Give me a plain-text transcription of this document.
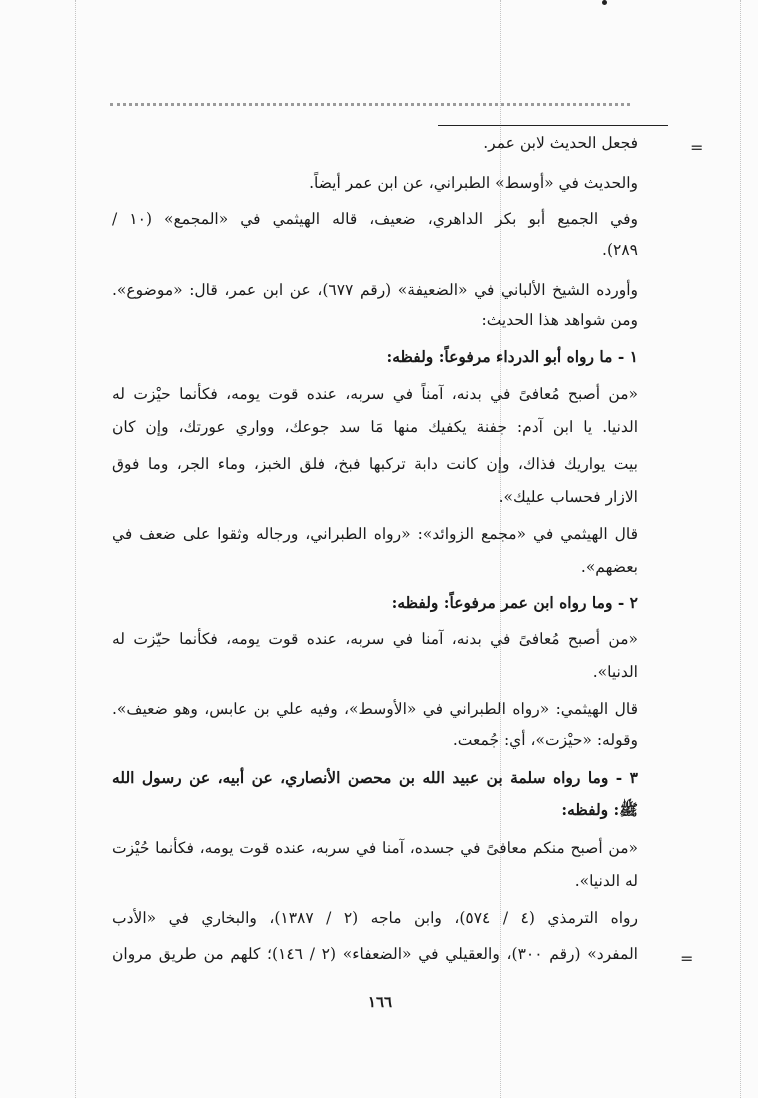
=
=
فجعل الحديث لابن عمر.
والحديث في «أوسط» الطبراني، عن ابن عمر أيضاً.
وفي الجميع أبو بكر الداهري، ضعيف، قاله الهيثمي في «المجمع» (١٠ /
٢٨٩).
وأورده الشيخ الألباني في «الضعيفة» (رقم ٦٧٧)، عن ابن عمر، قال: «موضوع».
ومن شواهد هذا الحديث:
١ - ما رواه أبو الدرداء مرفوعاً: ولفظه:
«من أصبح مُعافىً في بدنه، آمناً في سربه، عنده قوت يومه، فكأنما حيْزت له
الدنيا. يا ابن آدم: جفنة يكفيك منها مَا سد جوعك، وواري عورتك، وإن كان
بيت يواريك فذاك، وإن كانت دابة تركبها فبخ، فلق الخبز، وماء الجر، وما فوق
الازار فحساب عليك».
قال الهيثمي في «مجمع الزوائد»: «رواه الطبراني، ورجاله وثقوا على ضعف في
بعضهم».
٢ - وما رواه ابن عمر مرفوعاً: ولفظه:
«من أصبح مُعافىً في بدنه، آمنا في سربه، عنده قوت يومه، فكأنما حيّزت له
الدنيا».
قال الهيثمي: «رواه الطبراني في «الأوسط»، وفيه علي بن عابس، وهو ضعيف».
وقوله: «حيْزت»، أي: جُمعت.
٣ - وما رواه سلمة بن عبيد الله بن محصن الأنصاري، عن أبيه، عن رسول الله
ﷺ: ولفظه:
«من أصبح منكم معافىً في جسده، آمنا في سربه، عنده قوت يومه، فكأنما حُيْزت
له الدنيا».
رواه الترمذي (٤ / ٥٧٤)، وابن ماجه (٢ / ١٣٨٧)، والبخاري في «الأدب
المفرد» (رقم ٣٠٠)، والعقيلي في «الضعفاء» (٢ / ١٤٦)؛ كلهم من طريق مروان
١٦٦
